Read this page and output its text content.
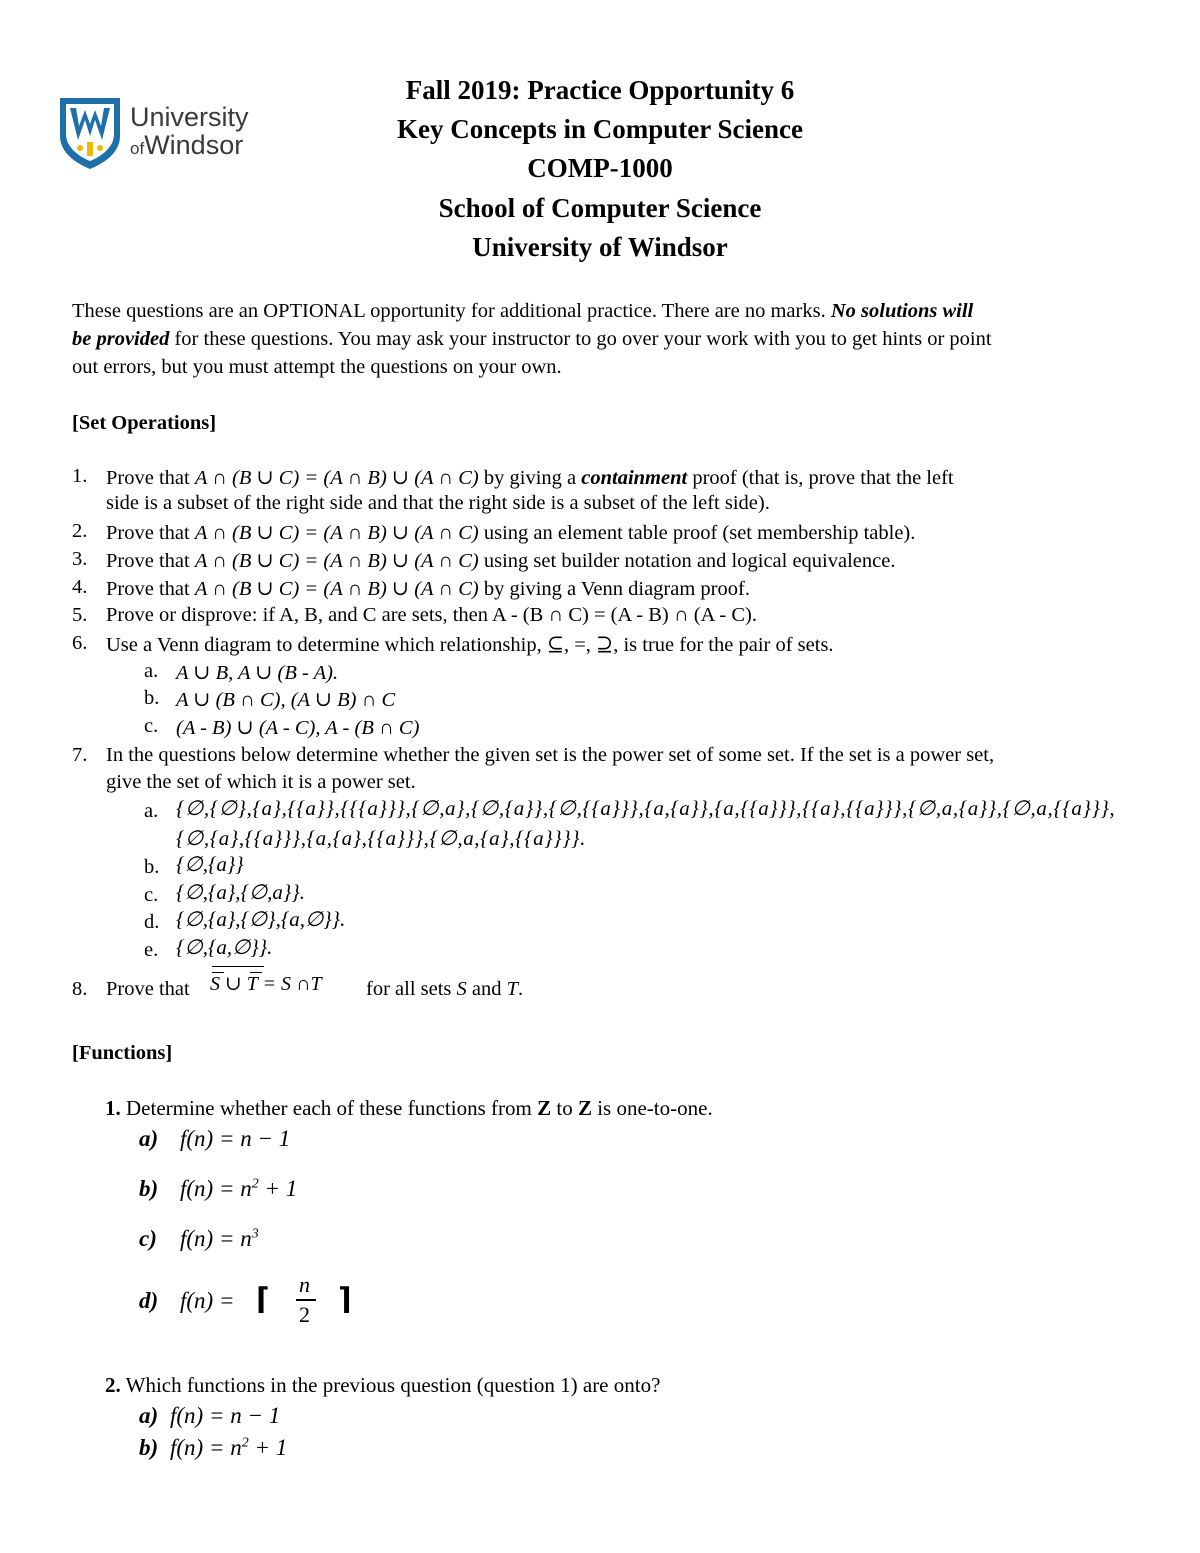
University
ofWindsor
Fall 2019: Practice Opportunity 6
Key Concepts in Computer Science
COMP-1000
School of Computer Science
University of Windsor
These questions are an OPTIONAL opportunity for additional practice. There are no marks. No solutions will
be provided for these questions. You may ask your instructor to go over your work with you to get hints or point
out errors, but you must attempt the questions on your own.
[Set Operations]
1. Prove that A ∩ (B ∪ C) = (A ∩ B) ∪ (A ∩ C) by giving a containment proof (that is, prove that the left
side is a subset of the right side and that the right side is a subset of the left side).
2. Prove that A ∩ (B ∪ C) = (A ∩ B) ∪ (A ∩ C) using an element table proof (set membership table).
3. Prove that A ∩ (B ∪ C) = (A ∩ B) ∪ (A ∩ C) using set builder notation and logical equivalence.
4. Prove that A ∩ (B ∪ C) = (A ∩ B) ∪ (A ∩ C) by giving a Venn diagram proof.
5. Prove or disprove: if A, B, and C are sets, then A - (B ∩ C) = (A - B) ∩ (A - C).
6. Use a Venn diagram to determine which relationship, ⊆, =, ⊇, is true for the pair of sets.
a. A ∪ B, A ∪ (B - A).
b. A ∪ (B ∩ C), (A ∪ B) ∩ C
c. (A - B) ∪ (A - C), A - (B ∩ C)
7. In the questions below determine whether the given set is the power set of some set. If the set is a power set,
give the set of which it is a power set.
a. {∅,{∅},{a},{{a}},{{{a}}},{∅,a},{∅,{a}},{∅,{{a}}},{a,{a}},{a,{{a}}},{{a},{{a}}},{∅,a,{a}},{∅,a,{{a}}},
{∅,{a},{{a}}},{a,{a},{{a}}},{∅,a,{a},{{a}}}}.
b. {∅,{a}}
c. {∅,{a},{∅,a}}.
d. {∅,{a},{∅},{a,∅}}.
e. {∅,{a,∅}}.
8. Prove that S ∪ T = S ∩T for all sets S and T.
[Functions]
1. Determine whether each of these functions from Z to Z is one-to-one.
a) f(n) = n − 1
b) $f(n) = n^2 + 1$
c) $f(n) = n^3$
d) f(n) = ⌈ n
2 ⌉
2. Which functions in the previous question (question 1) are onto?
a) f(n) = n − 1
b) $f(n) = n^2 + 1$
